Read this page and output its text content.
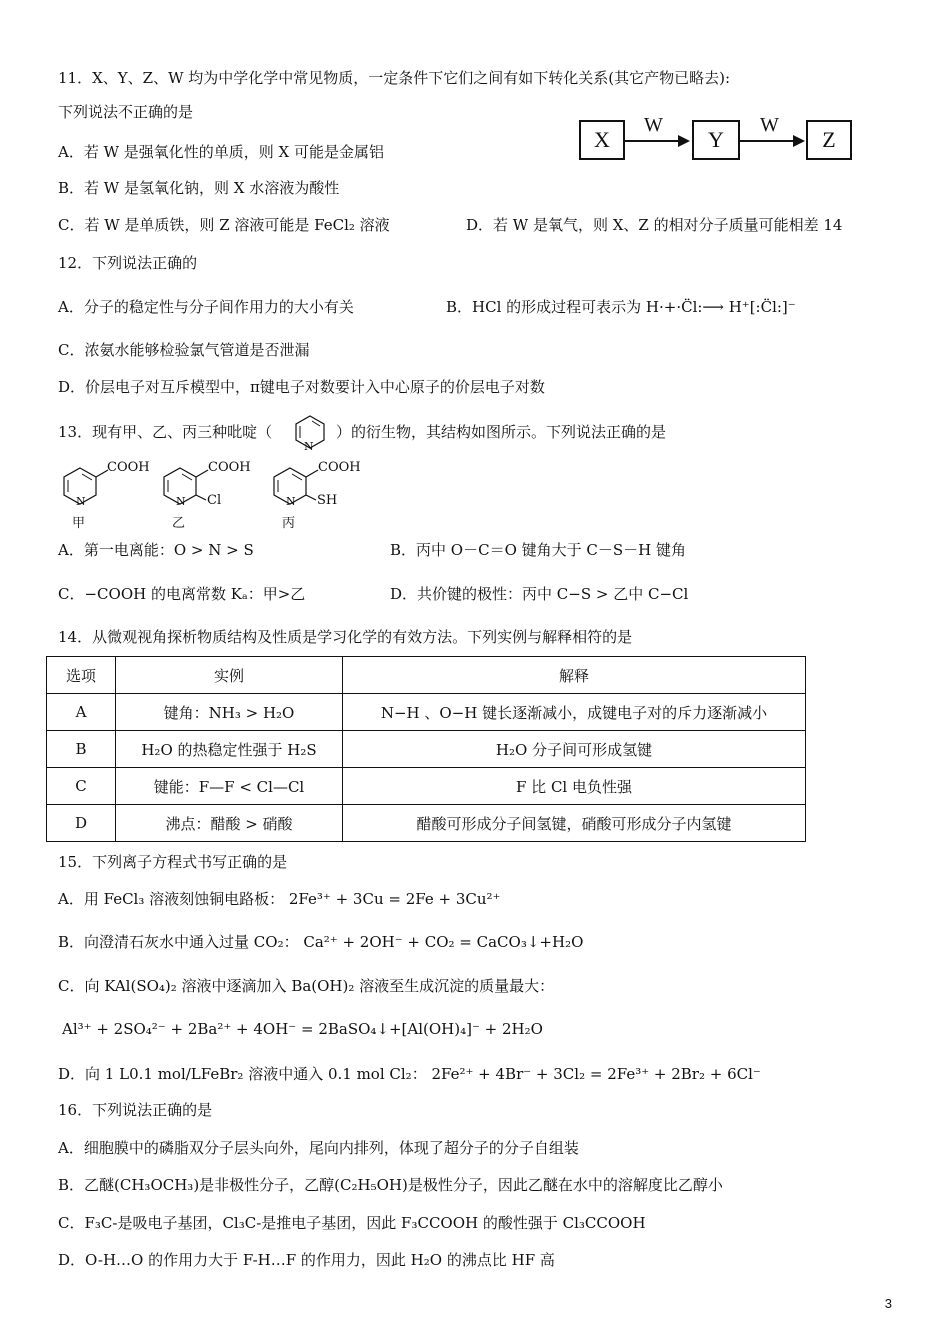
11．X、Y、Z、W 均为中学化学中常见物质，一定条件下它们之间有如下转化关系(其它产物已略去):
下列说法不正确的是
X
W
Y
W
Z
A．若 W 是强氧化性的单质，则 X 可能是金属铝
B．若 W 是氢氧化钠，则 X 水溶液为酸性
C．若 W 是单质铁，则 Z 溶液可能是 FeCl₂ 溶液	D．若 W 是氧气，则 X、Z 的相对分子质量可能相差 14
12．下列说法正确的
A．分子的稳定性与分子间作用力的大小有关	B．HCl 的形成过程可表示为 H·+·C̈l:⟶ H⁺[:C̈l:]⁻
C．浓氨水能够检验氯气管道是否泄漏
D．价层电子对互斥模型中，π键电子对数要计入中心原子的价层电子对数
13．现有甲、乙、丙三种吡啶（
N
）的衍生物，其结构如图所示。下列说法正确的是
COOH
N
甲
COOH
Cl
N
乙
COOH
SH
N
丙
A．第一电离能：O > N > S	B．丙中 O－C＝O 键角大于 C－S－H 键角
C．−COOH 的电离常数 Kₐ：甲>乙	D．共价键的极性：丙中 C−S > 乙中 C−Cl
14．从微观视角探析物质结构及性质是学习化学的有效方法。下列实例与解释相符的是
选项	实例	解释
A	键角：NH₃ > H₂O	N−H 、O−H 键长逐渐减小，成键电子对的斥力逐渐减小
B	H₂O 的热稳定性强于 H₂S	H₂O 分子间可形成氢键
C	键能：F—F < Cl—Cl	F 比 Cl 电负性强
D	沸点：醋酸 > 硝酸	醋酸可形成分子间氢键，硝酸可形成分子内氢键
15．下列离子方程式书写正确的是
A．用 FeCl₃ 溶液刻蚀铜电路板： 2Fe³⁺ + 3Cu = 2Fe + 3Cu²⁺
B．向澄清石灰水中通入过量 CO₂： Ca²⁺ + 2OH⁻ + CO₂ = CaCO₃↓+H₂O
C．向 KAl(SO₄)₂ 溶液中逐滴加入 Ba(OH)₂ 溶液至生成沉淀的质量最大：
Al³⁺ + 2SO₄²⁻ + 2Ba²⁺ + 4OH⁻ = 2BaSO₄↓+[Al(OH)₄]⁻ + 2H₂O
D．向 1 L0.1 mol/LFeBr₂ 溶液中通入 0.1 mol Cl₂： 2Fe²⁺ + 4Br⁻ + 3Cl₂ = 2Fe³⁺ + 2Br₂ + 6Cl⁻
16．下列说法正确的是
A．细胞膜中的磷脂双分子层头向外，尾向内排列，体现了超分子的分子自组装
B．乙醚(CH₃OCH₃)是非极性分子，乙醇(C₂H₅OH)是极性分子，因此乙醚在水中的溶解度比乙醇小
C．F₃C-是吸电子基团，Cl₃C-是推电子基团，因此 F₃CCOOH 的酸性强于 Cl₃CCOOH
D．O-H…O 的作用力大于 F-H…F 的作用力，因此 H₂O 的沸点比 HF 高
3
